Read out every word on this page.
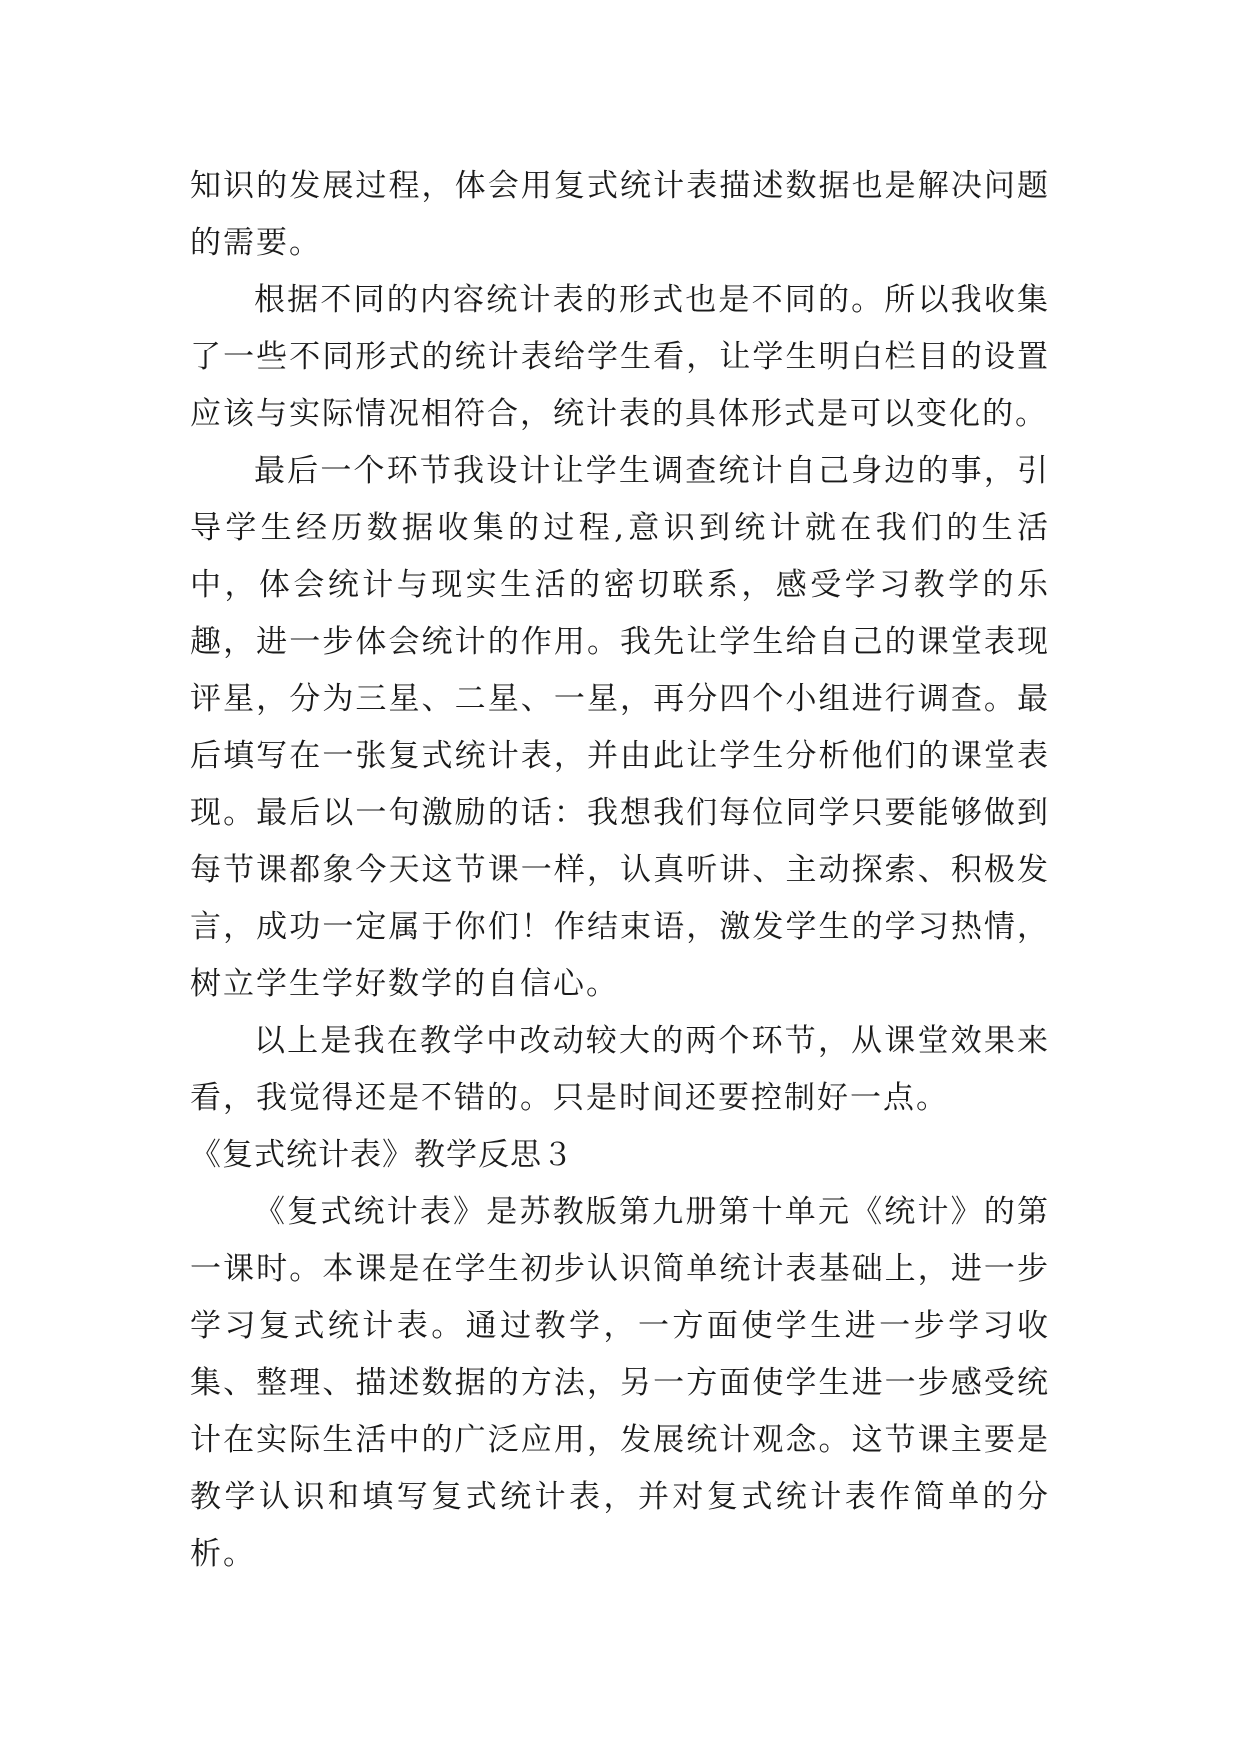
知识的发展过程，体会用复式统计表描述数据也是解决问题的需要。

根据不同的内容统计表的形式也是不同的。所以我收集了一些不同形式的统计表给学生看，让学生明白栏目的设置应该与实际情况相符合，统计表的具体形式是可以变化的。

最后一个环节我设计让学生调查统计自己身边的事，引导学生经历数据收集的过程,意识到统计就在我们的生活中，体会统计与现实生活的密切联系，感受学习教学的乐趣，进一步体会统计的作用。我先让学生给自己的课堂表现评星，分为三星、二星、一星，再分四个小组进行调查。最后填写在一张复式统计表，并由此让学生分析他们的课堂表现。最后以一句激励的话：我想我们每位同学只要能够做到每节课都象今天这节课一样，认真听讲、主动探索、积极发言，成功一定属于你们！作结束语，激发学生的学习热情，树立学生学好数学的自信心。

以上是我在教学中改动较大的两个环节，从课堂效果来看，我觉得还是不错的。只是时间还要控制好一点。

《复式统计表》教学反思３

《复式统计表》是苏教版第九册第十单元《统计》的第一课时。本课是在学生初步认识简单统计表基础上，进一步学习复式统计表。通过教学，一方面使学生进一步学习收集、整理、描述数据的方法，另一方面使学生进一步感受统计在实际生活中的广泛应用，发展统计观念。这节课主要是教学认识和填写复式统计表，并对复式统计表作简单的分析。
